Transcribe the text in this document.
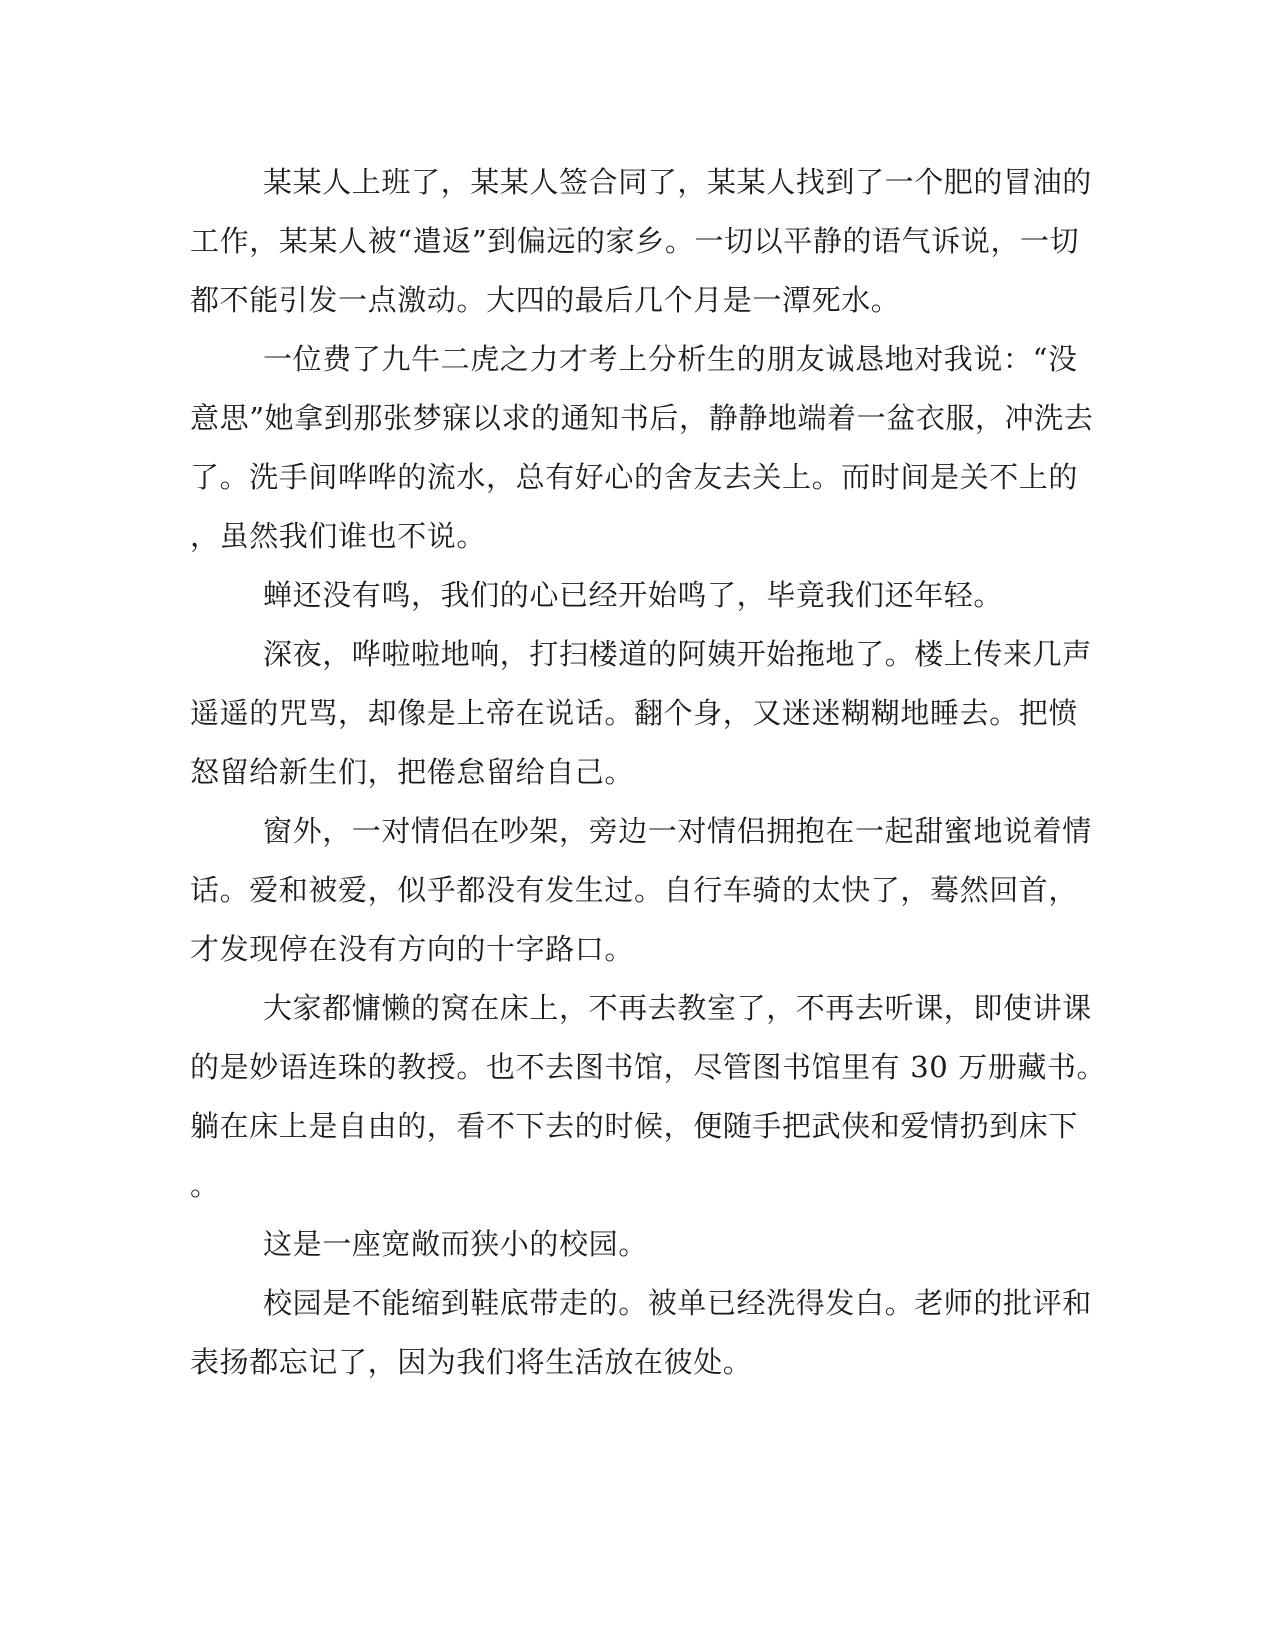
某某人上班了，某某人签合同了，某某人找到了一个肥的冒油的
工作，某某人被“遣返”到偏远的家乡。一切以平静的语气诉说，一切
都不能引发一点激动。大四的最后几个月是一潭死水。
一位费了九牛二虎之力才考上分析生的朋友诚恳地对我说：“没
意思”她拿到那张梦寐以求的通知书后，静静地端着一盆衣服，冲洗去
了。洗手间哗哗的流水，总有好心的舍友去关上。而时间是关不上的
，虽然我们谁也不说。
蝉还没有鸣，我们的心已经开始鸣了，毕竟我们还年轻。
深夜，哗啦啦地响，打扫楼道的阿姨开始拖地了。楼上传来几声
遥遥的咒骂，却像是上帝在说话。翻个身，又迷迷糊糊地睡去。把愤
怒留给新生们，把倦怠留给自己。
窗外，一对情侣在吵架，旁边一对情侣拥抱在一起甜蜜地说着情
话。爱和被爱，似乎都没有发生过。自行车骑的太快了，蓦然回首，
才发现停在没有方向的十字路口。
大家都慵懒的窝在床上，不再去教室了，不再去听课，即使讲课
的是妙语连珠的教授。也不去图书馆，尽管图书馆里有 30 万册藏书。
躺在床上是自由的，看不下去的时候，便随手把武侠和爱情扔到床下
。
这是一座宽敞而狭小的校园。
校园是不能缩到鞋底带走的。被单已经洗得发白。老师的批评和
表扬都忘记了，因为我们将生活放在彼处。
